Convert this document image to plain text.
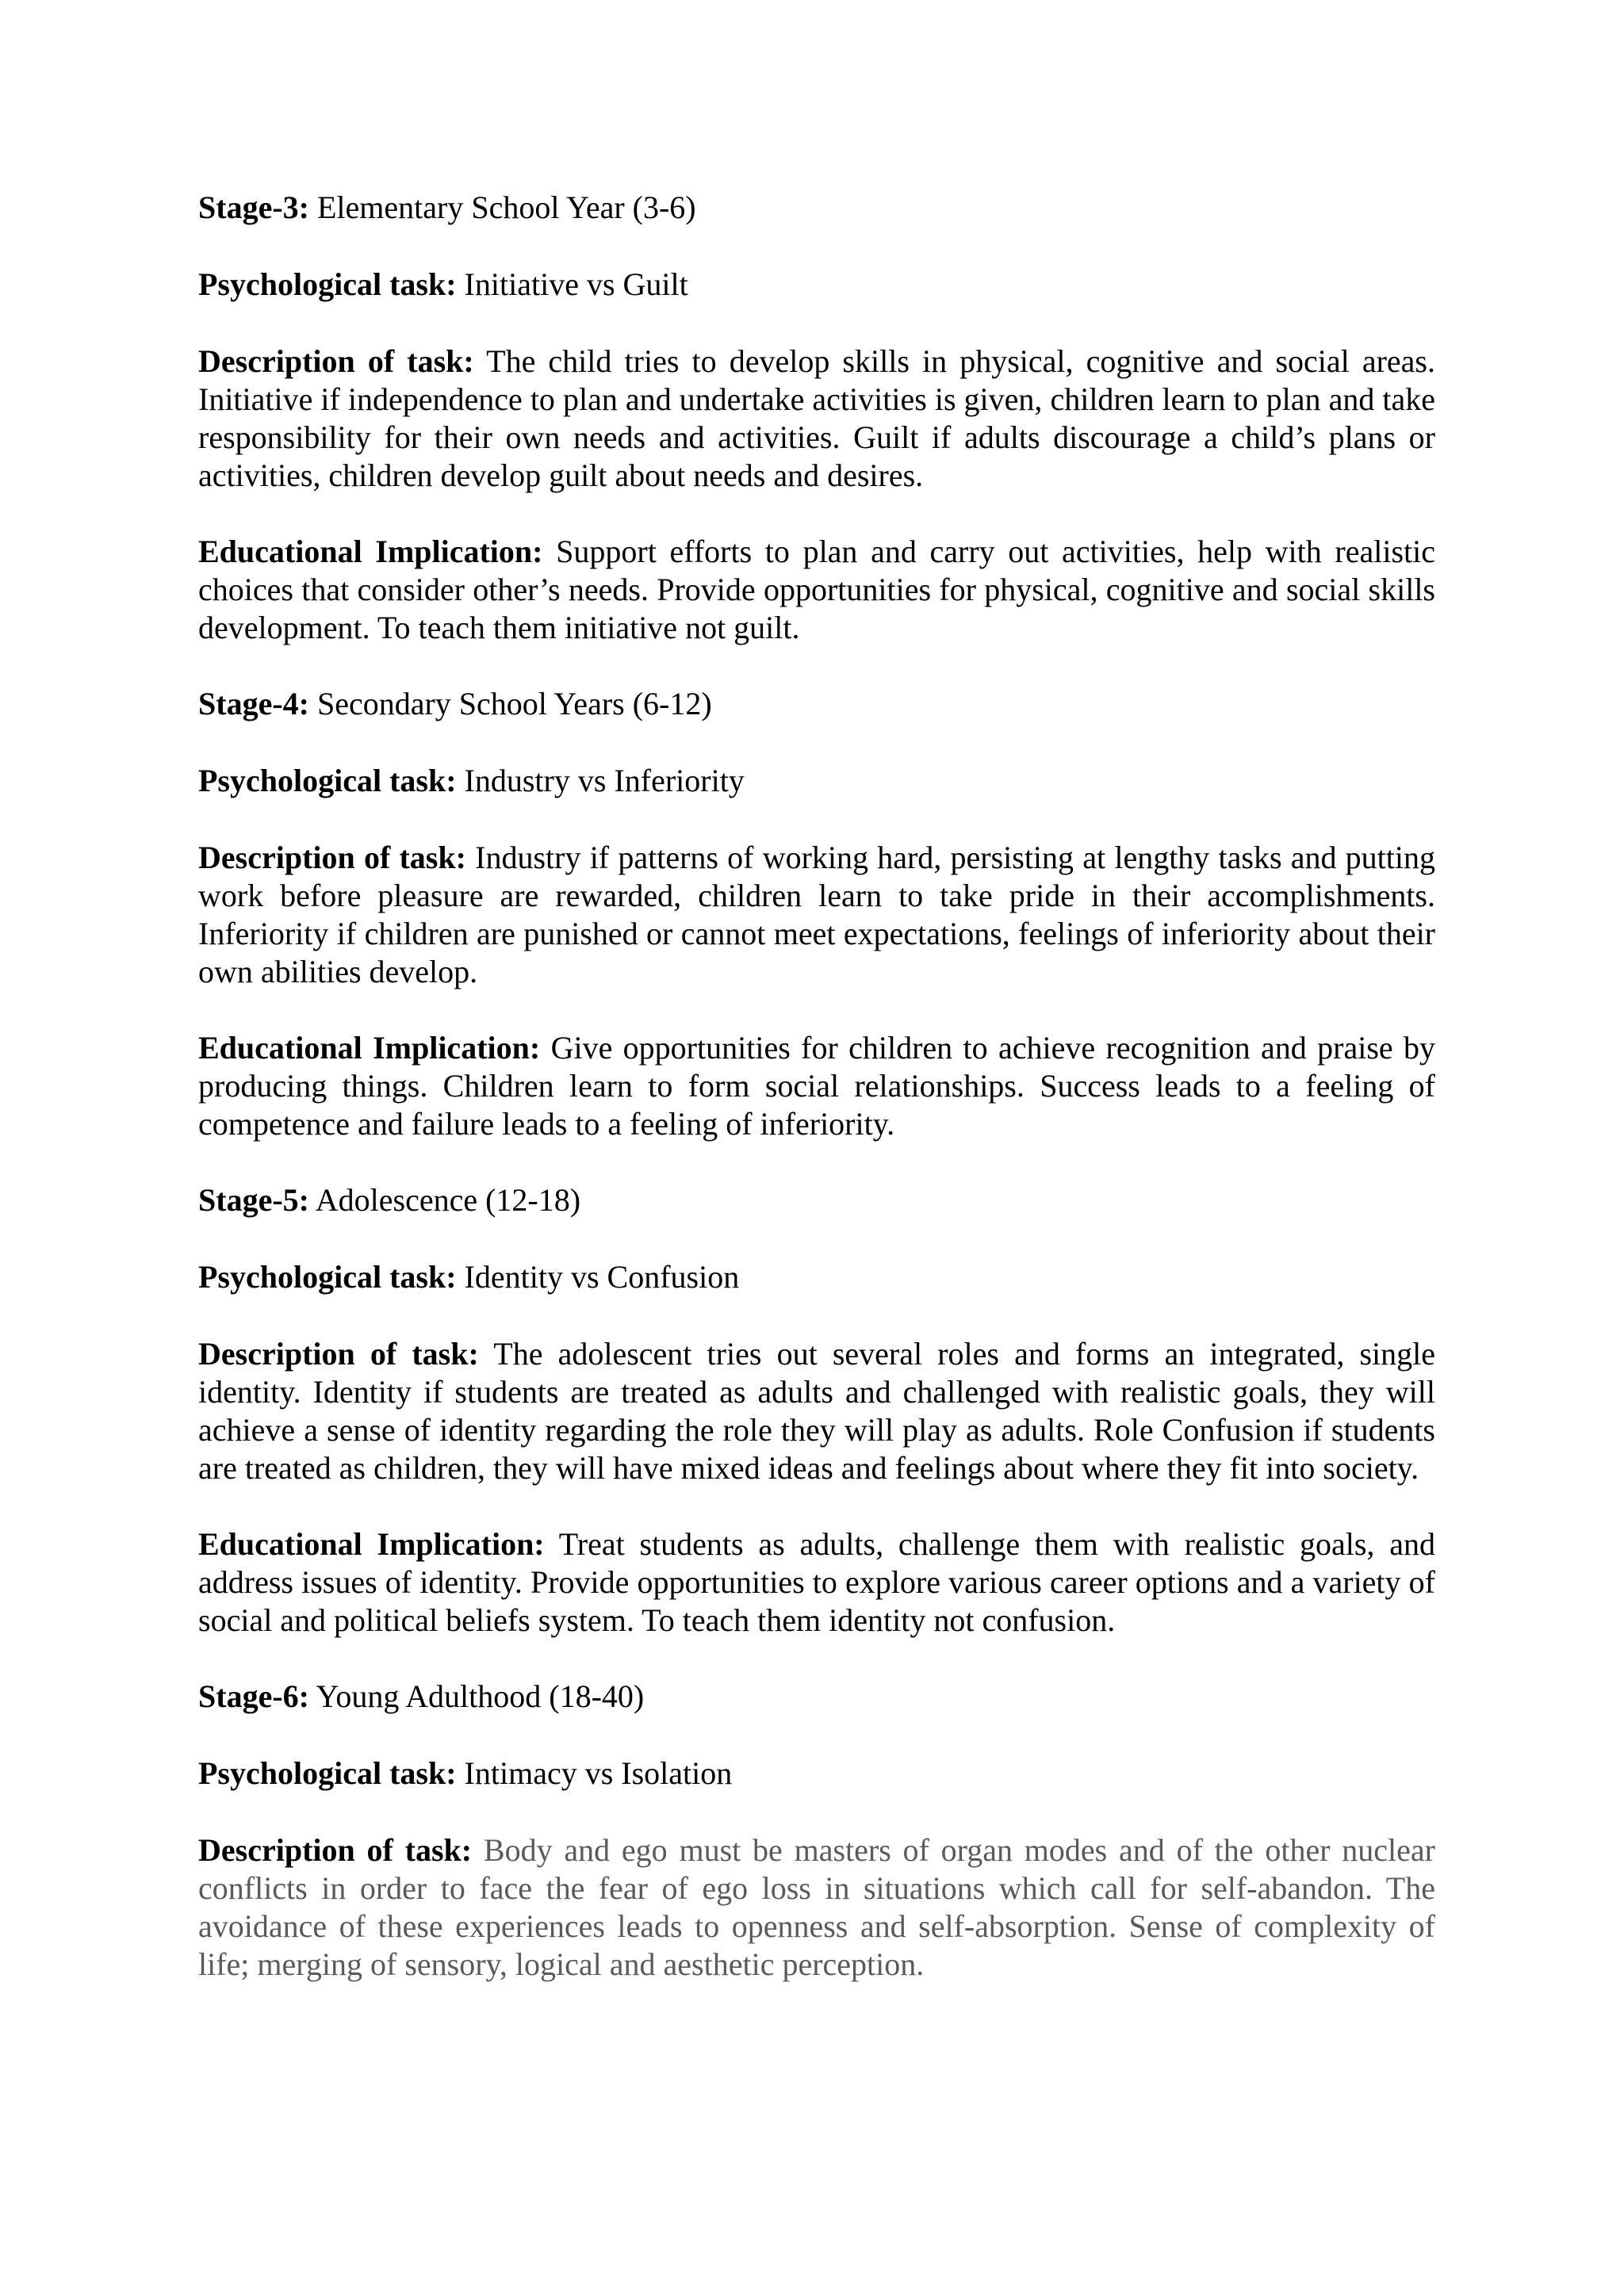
Stage-3: Elementary School Year (3-6)

Psychological task: Initiative vs Guilt

Description of task: The child tries to develop skills in physical, cognitive and social areas. Initiative if independence to plan and undertake activities is given, children learn to plan and take responsibility for their own needs and activities. Guilt if adults discourage a child’s plans or activities, children develop guilt about needs and desires.

Educational Implication: Support efforts to plan and carry out activities, help with realistic choices that consider other’s needs. Provide opportunities for physical, cognitive and social skills development. To teach them initiative not guilt.

Stage-4: Secondary School Years (6-12)

Psychological task: Industry vs Inferiority

Description of task: Industry if patterns of working hard, persisting at lengthy tasks and putting work before pleasure are rewarded, children learn to take pride in their accomplishments. Inferiority if children are punished or cannot meet expectations, feelings of inferiority about their own abilities develop.

Educational Implication: Give opportunities for children to achieve recognition and praise by producing things. Children learn to form social relationships. Success leads to a feeling of competence and failure leads to a feeling of inferiority.

Stage-5: Adolescence (12-18)

Psychological task: Identity vs Confusion

Description of task: The adolescent tries out several roles and forms an integrated, single identity. Identity if students are treated as adults and challenged with realistic goals, they will achieve a sense of identity regarding the role they will play as adults. Role Confusion if students are treated as children, they will have mixed ideas and feelings about where they fit into society.

Educational Implication: Treat students as adults, challenge them with realistic goals, and address issues of identity. Provide opportunities to explore various career options and a variety of social and political beliefs system. To teach them identity not confusion.

Stage-6: Young Adulthood (18-40)

Psychological task: Intimacy vs Isolation

Description of task: Body and ego must be masters of organ modes and of the other nuclear conflicts in order to face the fear of ego loss in situations which call for self-abandon. The avoidance of these experiences leads to openness and self-absorption. Sense of complexity of life; merging of sensory, logical and aesthetic perception.
